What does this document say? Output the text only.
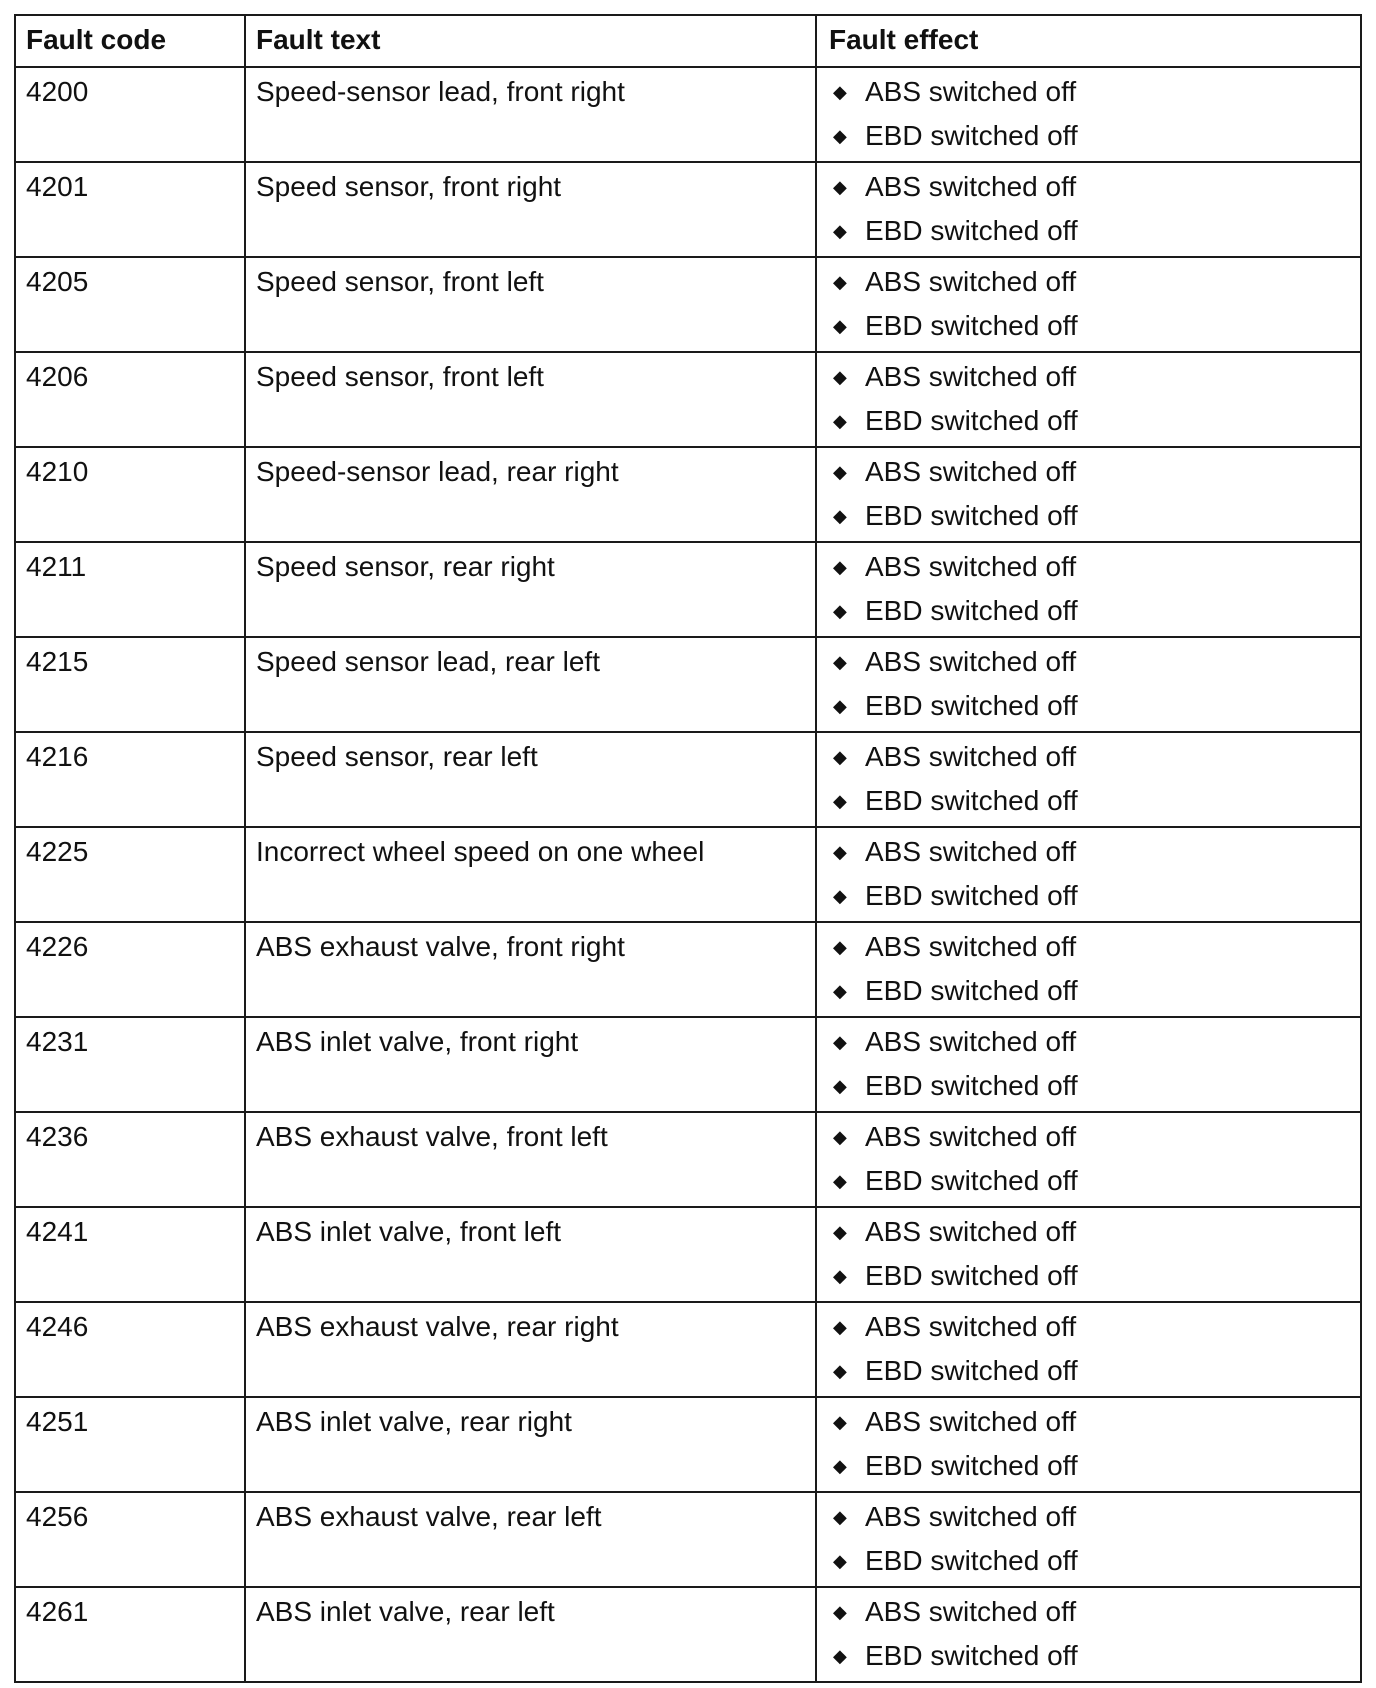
Fault code	Fault text	Fault effect
4200	Speed-sensor lead, front right	◆ ABS switched off
◆ EBD switched off
4201	Speed sensor, front right	◆ ABS switched off
◆ EBD switched off
4205	Speed sensor, front left	◆ ABS switched off
◆ EBD switched off
4206	Speed sensor, front left	◆ ABS switched off
◆ EBD switched off
4210	Speed-sensor lead, rear right	◆ ABS switched off
◆ EBD switched off
4211	Speed sensor, rear right	◆ ABS switched off
◆ EBD switched off
4215	Speed sensor lead, rear left	◆ ABS switched off
◆ EBD switched off
4216	Speed sensor, rear left	◆ ABS switched off
◆ EBD switched off
4225	Incorrect wheel speed on one wheel	◆ ABS switched off
◆ EBD switched off
4226	ABS exhaust valve, front right	◆ ABS switched off
◆ EBD switched off
4231	ABS inlet valve, front right	◆ ABS switched off
◆ EBD switched off
4236	ABS exhaust valve, front left	◆ ABS switched off
◆ EBD switched off
4241	ABS inlet valve, front left	◆ ABS switched off
◆ EBD switched off
4246	ABS exhaust valve, rear right	◆ ABS switched off
◆ EBD switched off
4251	ABS inlet valve, rear right	◆ ABS switched off
◆ EBD switched off
4256	ABS exhaust valve, rear left	◆ ABS switched off
◆ EBD switched off
4261	ABS inlet valve, rear left	◆ ABS switched off
◆ EBD switched off
